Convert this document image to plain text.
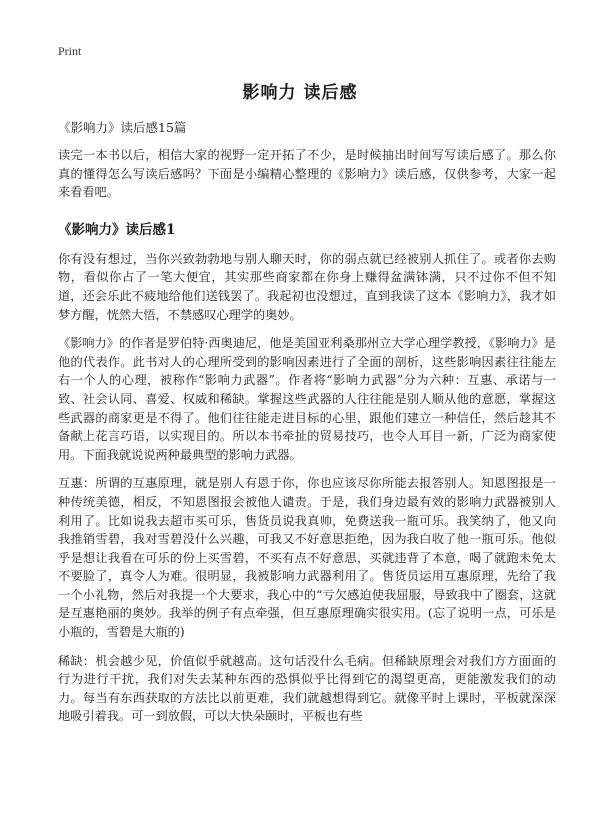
Print

影响力 读后感

《影响力》读后感15篇

读完一本书以后，相信大家的视野一定开拓了不少，是时候抽出时间写写读后感了。那么你真的懂得怎么写读后感吗？下面是小编精心整理的《影响力》读后感，仅供参考，大家一起来看看吧。

《影响力》读后感1

你有没有想过，当你兴致勃勃地与别人聊天时，你的弱点就已经被别人抓住了。或者你去购物，看似你占了一笔大便宜，其实那些商家都在你身上赚得盆满钵满，只不过你不但不知道，还会乐此不疲地给他们送钱罢了。我起初也没想过，直到我读了这本《影响力》，我才如梦方醒，恍然大悟，不禁感叹心理学的奥妙。

《影响力》的作者是罗伯特·西奥迪尼，他是美国亚利桑那州立大学心理学教授，《影响力》是他的代表作。此书对人的心理所受到的影响因素进行了全面的剖析，这些影响因素往往能左右一个人的心理，被称作“影响力武器”。作者将“影响力武器”分为六种：互惠、承诺与一致、社会认同、喜爱、权威和稀缺。掌握这些武器的人往往能是别人顺从他的意愿，掌握这些武器的商家更是不得了。他们往往能走进目标的心里，跟他们建立一种信任，然后趁其不备献上花言巧语，以实现目的。所以本书牵扯的贸易技巧，也令人耳目一新，广泛为商家使用。下面我就说说两种最典型的影响力武器。

互惠：所谓的互惠原理，就是别人有恩于你，你也应该尽你所能去报答别人。知恩图报是一种传统美德，相反，不知恩图报会被他人谴责。于是，我们身边最有效的影响力武器被别人利用了。比如说我去超市买可乐，售货员说我真帅，免费送我一瓶可乐。我笑纳了，他又向我推销雪碧，我对雪碧没什么兴趣，可我又不好意思拒绝，因为我白收了他一瓶可乐。他似乎是想让我看在可乐的份上买雪碧，不买有点不好意思，买就违背了本意，喝了就跑未免太不要脸了，真令人为难。很明显，我被影响力武器利用了。售货员运用互惠原理，先给了我一个小礼物，然后对我提一个大要求，我心中的“亏欠感迫使我屈服，导致我中了圈套，这就是互惠艳丽的奥妙。我举的例子有点牵强，但互惠原理确实很实用。(忘了说明一点，可乐是小瓶的，雪碧是大瓶的)

稀缺：机会越少见，价值似乎就越高。这句话没什么毛病。但稀缺原理会对我们方方面面的行为进行干扰，我们对失去某种东西的恐惧似乎比得到它的渴望更高，更能激发我们的动力。每当有东西获取的方法比以前更难，我们就越想得到它。就像平时上课时，平板就深深地吸引着我。可一到放假，可以大快朵颐时，平板也有些
